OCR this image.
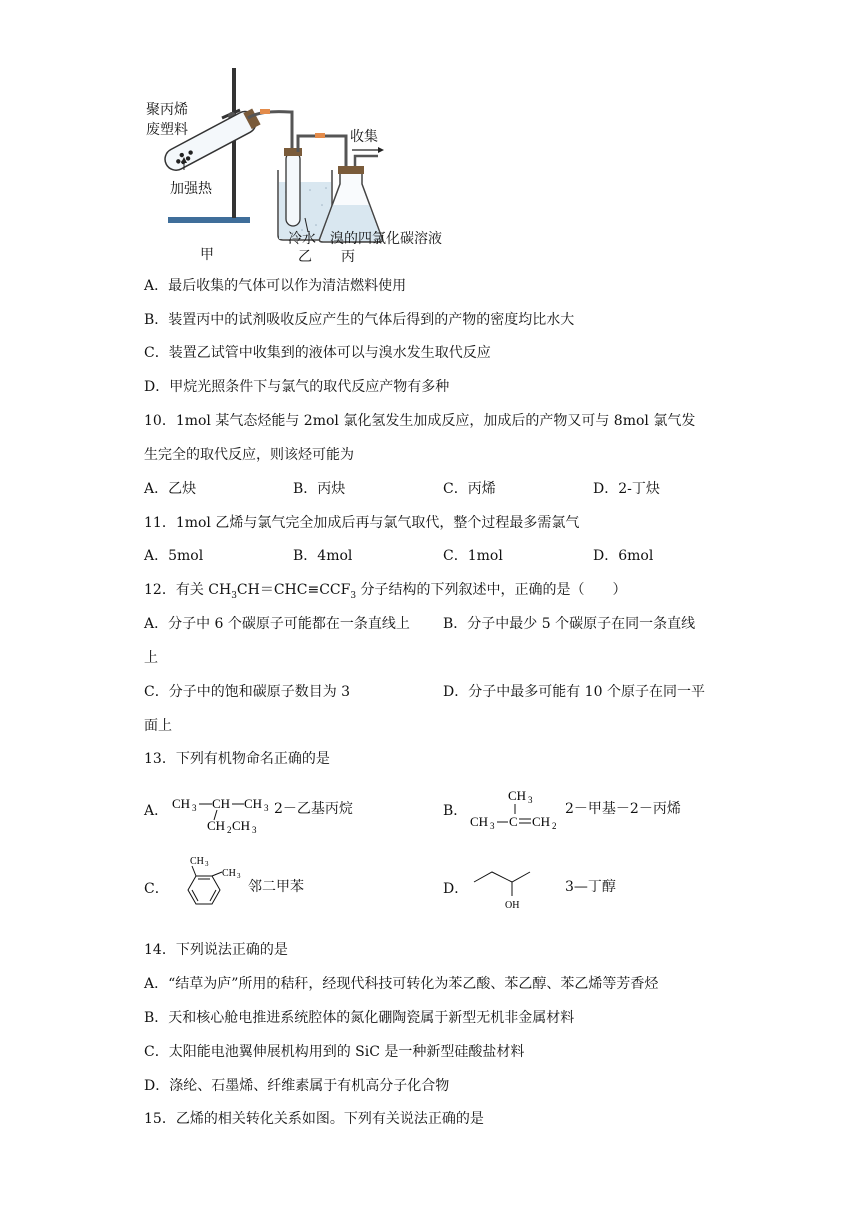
聚丙烯
废塑料
加强热
收集
冷水 溴的四氯化碳溶液
甲	乙 丙
A．最后收集的气体可以作为清洁燃料使用
B．装置丙中的试剂吸收反应产生的气体后得到的产物的密度均比水大
C．装置乙试管中收集到的液体可以与溴水发生取代反应
D．甲烷光照条件下与氯气的取代反应产物有多种
10．1mol 某气态烃能与 2mol 氯化氢发生加成反应，加成后的产物又可与 8mol 氯气发
生完全的取代反应，则该烃可能为
A．乙炔	B．丙炔	C．丙烯	D．2-丁炔
11．1mol 乙烯与氯气完全加成后再与氯气取代，整个过程最多需氯气
A．5mol	B．4mol	C．1mol	D．6mol
12．有关 $CH_3CH=CHC\equiv CCF_3$ 分子结构的下列叙述中，正确的是（　　）
A．分子中 6 个碳原子可能都在一条直线上 B．分子中最少 5 个碳原子在同一条直线
上
C．分子中的饱和碳原子数目为 3	D．分子中最多可能有 10 个原子在同一平
面上
13．下列有机物命名正确的是
A． CH 3 CH CH 3
CH 2 CH 3
2－乙基丙烷	B．
CH 3
CH 3 C CH 2
2－甲基－2－丙烯
C．
CH 3
CH 3
邻二甲苯	D．
OH
3—丁醇
14．下列说法正确的是
A．“结草为庐”所用的秸秆，经现代科技可转化为苯乙酸、苯乙醇、苯乙烯等芳香烃
B．天和核心舱电推进系统腔体的氮化硼陶瓷属于新型无机非金属材料
C．太阳能电池翼伸展机构用到的 SiC 是一种新型硅酸盐材料
D．涤纶、石墨烯、纤维素属于有机高分子化合物
15．乙烯的相关转化关系如图。下列有关说法正确的是
